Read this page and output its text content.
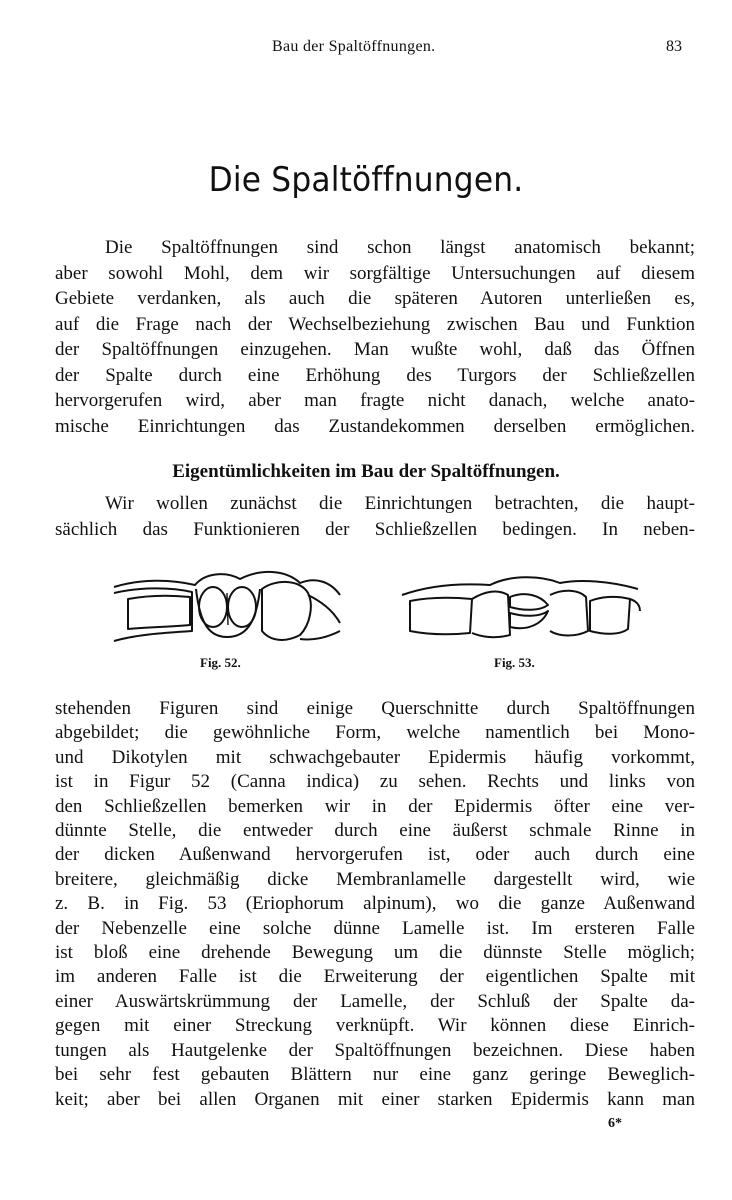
Bau der Spaltöffnungen.	83
Die Spaltöffnungen.

Die Spaltöffnungen sind schon längst anatomisch bekannt;
aber sowohl Mohl, dem wir sorgfältige Untersuchungen auf diesem
Gebiete verdanken, als auch die späteren Autoren unterließen es,
auf die Frage nach der Wechselbeziehung zwischen Bau und Funktion
der Spaltöffnungen einzugehen. Man wußte wohl, daß das Öffnen
der Spalte durch eine Erhöhung des Turgors der Schließzellen
hervorgerufen wird, aber man fragte nicht danach, welche anato-
mische Einrichtungen das Zustandekommen derselben ermöglichen.

Eigentümlichkeiten im Bau der Spaltöffnungen.

Wir wollen zunächst die Einrichtungen betrachten, die haupt-
sächlich das Funktionieren der Schließzellen bedingen. In neben-

Fig. 52.	Fig. 53.

stehenden Figuren sind einige Querschnitte durch Spaltöffnungen
abgebildet; die gewöhnliche Form, welche namentlich bei Mono-
und Dikotylen mit schwachgebauter Epidermis häufig vorkommt,
ist in Figur 52 (Canna indica) zu sehen. Rechts und links von
den Schließzellen bemerken wir in der Epidermis öfter eine ver-
dünnte Stelle, die entweder durch eine äußerst schmale Rinne in
der dicken Außenwand hervorgerufen ist, oder auch durch eine
breitere, gleichmäßig dicke Membranlamelle dargestellt wird, wie
z. B. in Fig. 53 (Eriophorum alpinum), wo die ganze Außenwand
der Nebenzelle eine solche dünne Lamelle ist. Im ersteren Falle
ist bloß eine drehende Bewegung um die dünnste Stelle möglich;
im anderen Falle ist die Erweiterung der eigentlichen Spalte mit
einer Auswärtskrümmung der Lamelle, der Schluß der Spalte da-
gegen mit einer Streckung verknüpft. Wir können diese Einrich-
tungen als Hautgelenke der Spaltöffnungen bezeichnen. Diese haben
bei sehr fest gebauten Blättern nur eine ganz geringe Beweglich-
keit; aber bei allen Organen mit einer starken Epidermis kann man

6*
